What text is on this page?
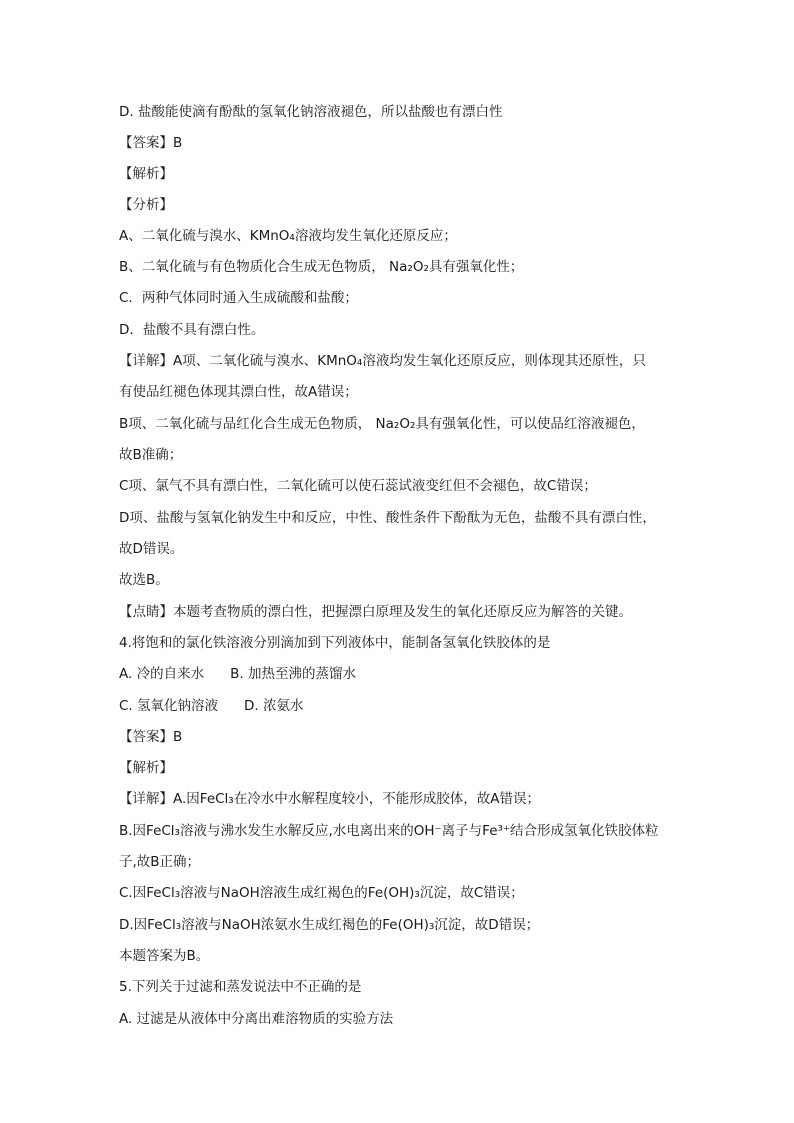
D. 盐酸能使滴有酚酞的氢氧化钠溶液褪色，所以盐酸也有漂白性
【答案】B
【解析】
【分析】
A、二氧化硫与溴水、KMnO₄溶液均发生氧化还原反应；
B、二氧化硫与有色物质化合生成无色物质， Na₂O₂具有强氧化性；
C．两种气体同时通入生成硫酸和盐酸；
D．盐酸不具有漂白性。
【详解】A项、二氧化硫与溴水、KMnO₄溶液均发生氧化还原反应，则体现其还原性，只
有使品红褪色体现其漂白性，故A错误；
B项、二氧化硫与品红化合生成无色物质， Na₂O₂具有强氧化性，可以使品红溶液褪色，
故B准确；
C项、氯气不具有漂白性，二氧化硫可以使石蕊试液变红但不会褪色，故C错误；
D项、盐酸与氢氧化钠发生中和反应，中性、酸性条件下酚酞为无色，盐酸不具有漂白性，
故D错误。
故选B。
【点睛】本题考查物质的漂白性，把握漂白原理及发生的氧化还原反应为解答的关键。
4.将饱和的氯化铁溶液分别滴加到下列液体中，能制备氢氧化铁胶体的是
A. 冷的自来水 B. 加热至沸的蒸馏水
C. 氢氧化钠溶液 D. 浓氨水
【答案】B
【解析】
【详解】A.因FeCl₃在冷水中水解程度较小，不能形成胶体，故A错误；
B.因FeCl₃溶液与沸水发生水解反应,水电离出来的OH⁻离子与Fe³⁺结合形成氢氧化铁胶体粒
子,故B正确；
C.因FeCl₃溶液与NaOH溶液生成红褐色的Fe(OH)₃沉淀，故C错误；
D.因FeCl₃溶液与NaOH浓氨水生成红褐色的Fe(OH)₃沉淀，故D错误；
本题答案为B。
5.下列关于过滤和蒸发说法中不正确的是
A. 过滤是从液体中分离出难溶物质的实验方法
